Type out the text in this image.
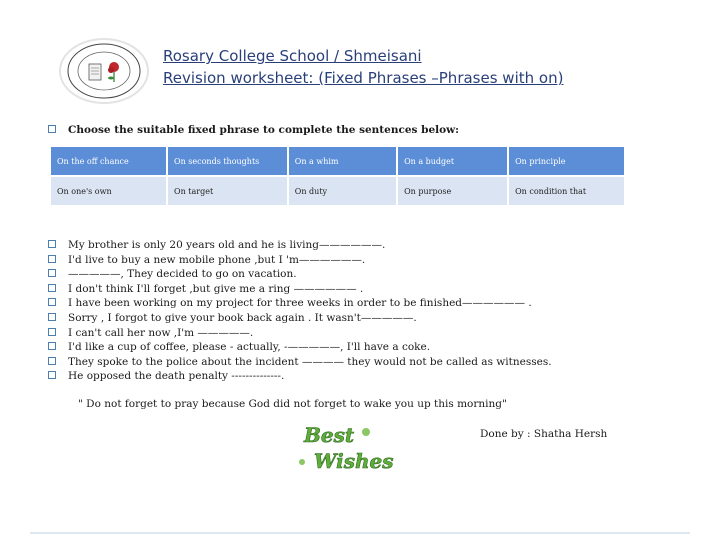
Rosary College School / Shmeisani
Revision worksheet: (Fixed Phrases –Phrases with on)
Choose the suitable fixed phrase to complete the sentences below:
On the off chance	On seconds thoughts	On a whim	On a budget	On principle
On one's own	On target	On duty	On purpose	On condition that
My brother is only 20 years old and he is living——————.
I'd live to buy a new mobile phone ,but I 'm——————.
—————, They decided to go on vacation.
I don't think I'll forget ,but give me a ring —————— .
I have been working on my project for three weeks in order to be finished—————— .
Sorry , I forgot to give your book back again . It wasn't—————.
I can't call her now ,I'm —————.
I'd like a cup of coffee, please - actually, -—————, I'll have a coke.
They spoke to the police about the incident ———— they would not be called as witnesses.
He opposed the death penalty --------------.
" Do not forget to pray because God did not forget to wake you up this morning"
Best
Wishes
Done by : Shatha Hersh
